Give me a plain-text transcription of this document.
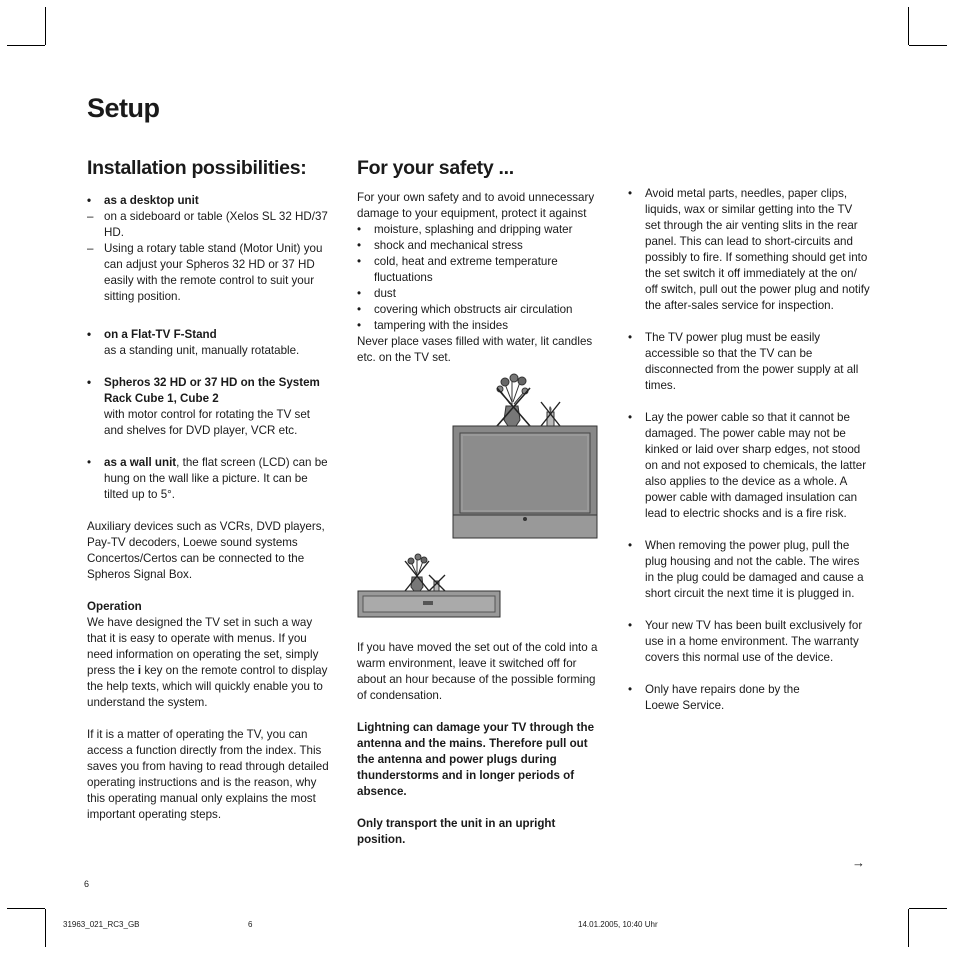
Setup
Installation possibilities:

• as a desktop unit

– on a sideboard or table (Xelos SL 32 HD/37 HD.

– Using a rotary table stand (Motor Unit) you can adjust your Spheros 32 HD or 37 HD easily with the remote control to suit your sitting position.

• on a Flat-TV F-Stand

as a standing unit, manually rotatable.

• Spheros 32 HD or 37 HD on the System Rack Cube 1, Cube 2

with motor control for rotating the TV set and shelves for DVD player, VCR etc.

• as a wall unit, the flat screen (LCD) can be hung on the wall like a picture. It can be tilted up to 5°.

Auxiliary devices such as VCRs, DVD players, Pay-TV decoders, Loewe sound systems Concertos/Certos can be connected to the Spheros Signal Box.

Operation

We have designed the TV set in such a way that it is easy to operate with menus. If you need information on operating the set, simply press the i key on the remote control to display the help texts, which will quickly enable you to understand the system.

If it is a matter of operating the TV, you can access a function directly from the index. This saves you from having to read through detailed operating instructions and is the reason, why this operating manual only explains the most important operating steps.

For your safety ...

For your own safety and to avoid unnecessary damage to your equipment, protect it against

• moisture, splashing and dripping water

• shock and mechanical stress

• cold, heat and extreme temperature fluctuations

• dust

• covering which obstructs air circulation

• tampering with the insides

Never place vases filled with water, lit candles etc. on the TV set.

If you have moved the set out of the cold into a warm environment, leave it switched off for about an hour because of the possible forming of condensation.

Lightning can damage your TV through the antenna and the mains. Therefore pull out the antenna and power plugs during thunderstorms and in longer periods of absence.

Only transport the unit in an upright position.

• Avoid metal parts, needles, paper clips, liquids, wax or similar getting into the TV set through the air venting slits in the rear panel. This can lead to short-circuits and possibly to fire. If something should get into the set switch it off immediately at the on/ off switch, pull out the power plug and notify the after-sales service for inspection.

• The TV power plug must be easily accessible so that the TV can be disconnected from the power supply at all times.

• Lay the power cable so that it cannot be damaged. The power cable may not be kinked or laid over sharp edges, not stood on and not exposed to chemicals, the latter also applies to the device as a whole. A power cable with damaged insulation can lead to electric shocks and is a fire risk.

• When removing the power plug, pull the plug housing and not the cable. The wires in the plug could be damaged and cause a short circuit the next time it is plugged in.

• Your new TV has been built exclusively for use in a home environment. The warranty covers this normal use of the device.

• Only have repairs done by the Loewe Service.

→
6
31963_021_RC3_GB	6	14.01.2005, 10:40 Uhr
